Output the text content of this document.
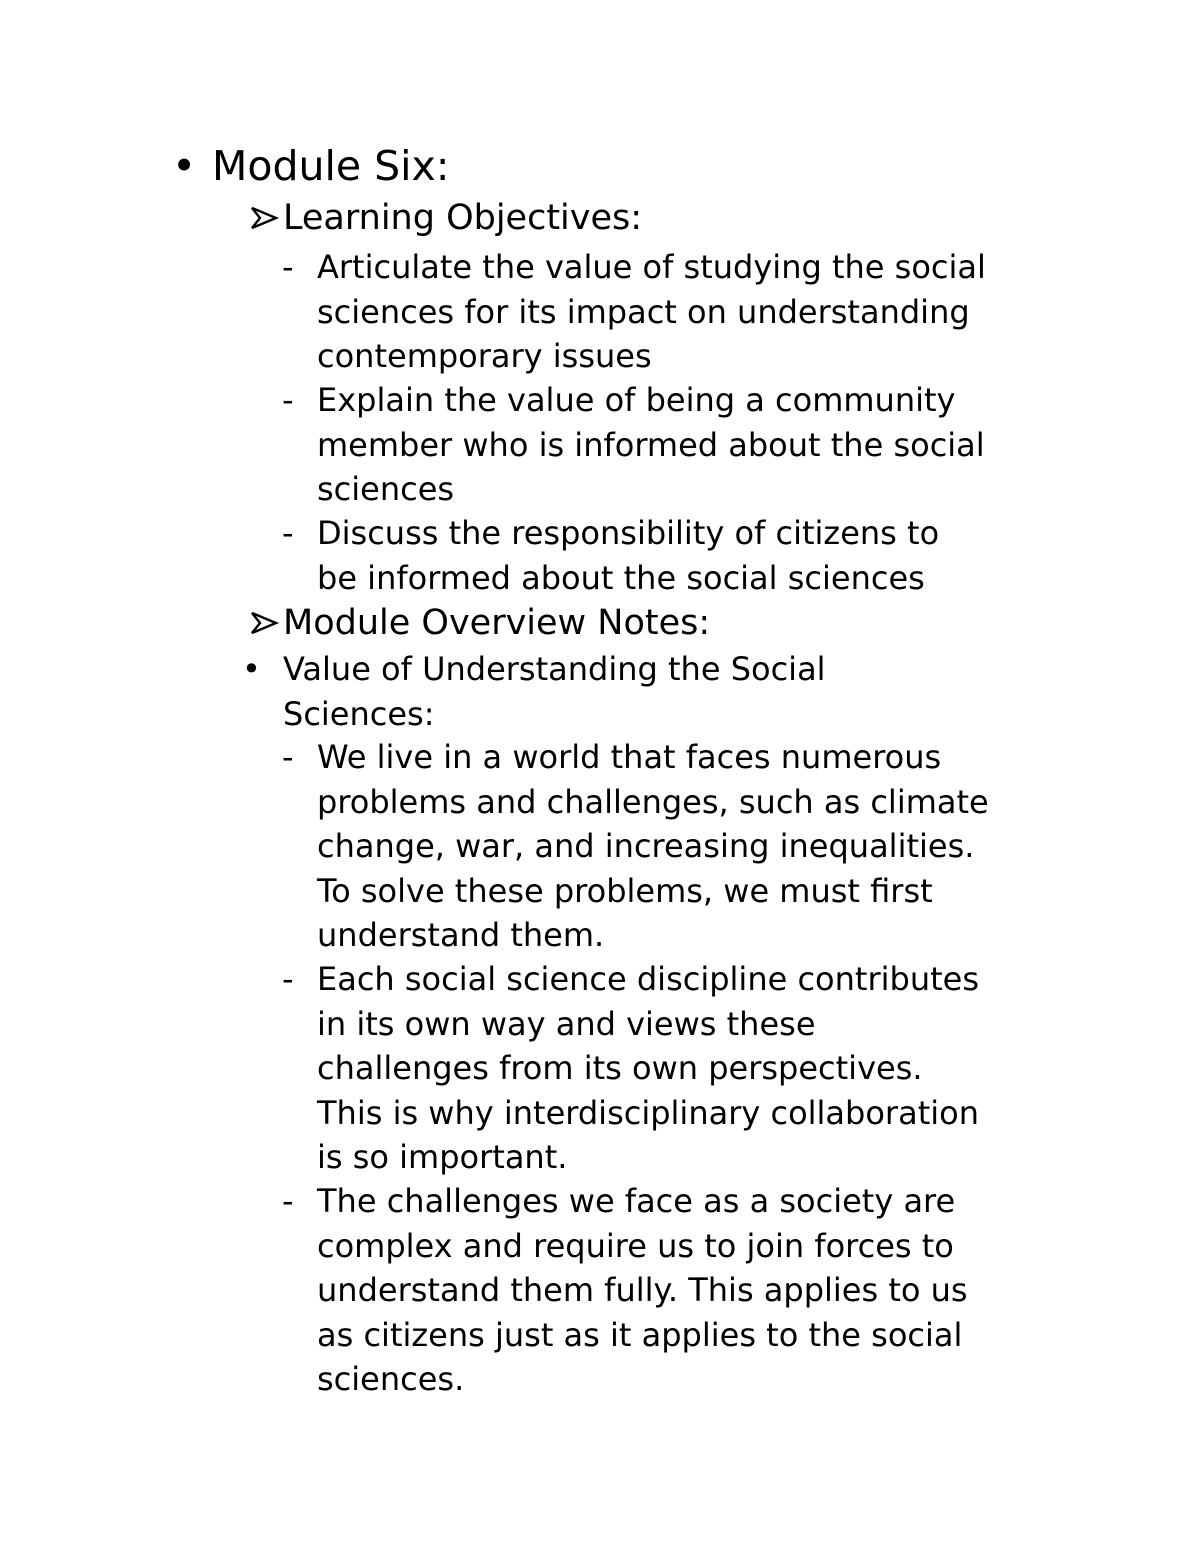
• Module Six:
Learning Objectives:
- Articulate the value of studying the social
sciences for its impact on understanding
contemporary issues
- Explain the value of being a community
member who is informed about the social
sciences
- Discuss the responsibility of citizens to
be informed about the social sciences
Module Overview Notes:
• Value of Understanding the Social
Sciences:
- We live in a world that faces numerous
problems and challenges, such as climate
change, war, and increasing inequalities.
To solve these problems, we must first
understand them.
- Each social science discipline contributes
in its own way and views these
challenges from its own perspectives.
This is why interdisciplinary collaboration
is so important.
- The challenges we face as a society are
complex and require us to join forces to
understand them fully. This applies to us
as citizens just as it applies to the social
sciences.
